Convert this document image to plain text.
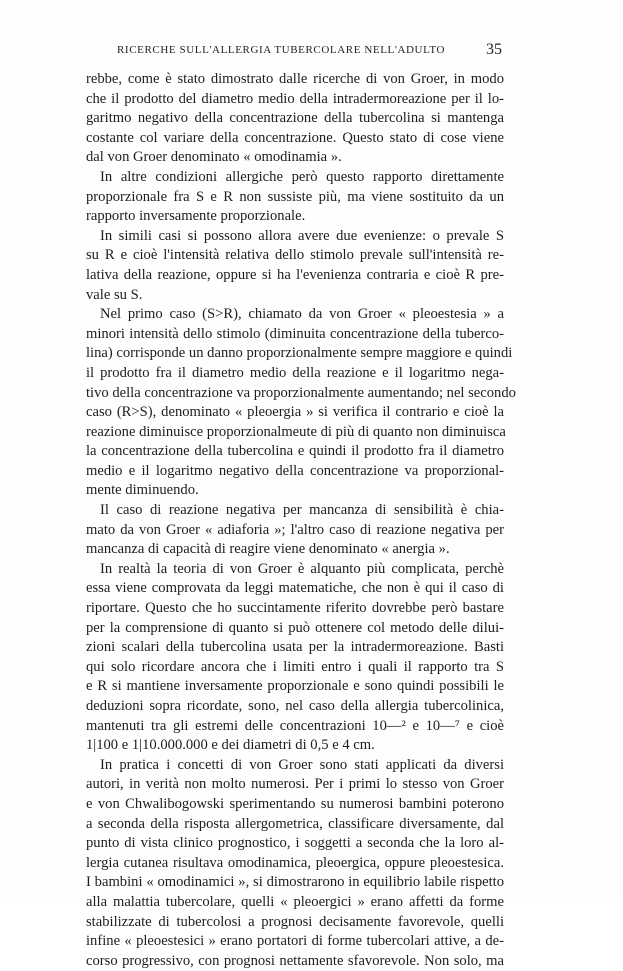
RICERCHE SULL'ALLERGIA TUBERCOLARE NELL'ADULTO	35
rebbe, come è stato dimostrato dalle ricerche di von Groer, in modo
che il prodotto del diametro medio della intradermoreazione per il lo-
garitmo negativo della concentrazione della tubercolina si mantenga
costante col variare della concentrazione. Questo stato di cose viene
dal von Groer denominato « omodinamia ».
In altre condizioni allergiche però questo rapporto direttamente
proporzionale fra S e R non sussiste più, ma viene sostituito da un
rapporto inversamente proporzionale.
In simili casi si possono allora avere due evenienze: o prevale S
su R e cioè l'intensità relativa dello stimolo prevale sull'intensità re-
lativa della reazione, oppure si ha l'evenienza contraria e cioè R pre-
vale su S.
Nel primo caso (S>R), chiamato da von Groer « pleoestesia » a
minori intensità dello stimolo (diminuita concentrazione della tuberco-
lina) corrisponde un danno proporzionalmente sempre maggiore e quindi
il prodotto fra il diametro medio della reazione e il logaritmo nega-
tivo della concentrazione va proporzionalmente aumentando; nel secondo
caso (R>S), denominato « pleoergia » si verifica il contrario e cioè la
reazione diminuisce proporzionalmeute di più di quanto non diminuisca
la concentrazione della tubercolina e quindi il prodotto fra il diametro
medio e il logaritmo negativo della concentrazione va proporzional-
mente diminuendo.
Il caso di reazione negativa per mancanza di sensibilità è chia-
mato da von Groer « adiaforia »; l'altro caso di reazione negativa per
mancanza di capacità di reagire viene denominato « anergia ».
In realtà la teoria di von Groer è alquanto più complicata, perchè
essa viene comprovata da leggi matematiche, che non è qui il caso di
riportare. Questo che ho succintamente riferito dovrebbe però bastare
per la comprensione di quanto si può ottenere col metodo delle dilui-
zioni scalari della tubercolina usata per la intradermoreazione. Basti
qui solo ricordare ancora che i limiti entro i quali il rapporto tra S
e R si mantiene inversamente proporzionale e sono quindi possibili le
deduzioni sopra ricordate, sono, nel caso della allergia tubercolinica,
mantenuti tra gli estremi delle concentrazioni 10—² e 10—⁷ e cioè
1|100 e 1|10.000.000 e dei diametri di 0,5 e 4 cm.
In pratica i concetti di von Groer sono stati applicati da diversi
autori, in verità non molto numerosi. Per i primi lo stesso von Groer
e von Chwalibogowski sperimentando su numerosi bambini poterono
a seconda della risposta allergometrica, classificare diversamente, dal
punto di vista clinico prognostico, i soggetti a seconda che la loro al-
lergia cutanea risultava omodinamica, pleoergica, oppure pleoestesica.
I bambini « omodinamici », si dimostrarono in equilibrio labile rispetto
alla malattia tubercolare, quelli « pleoergici » erano affetti da forme
stabilizzate di tubercolosi a prognosi decisamente favorevole, quelli
infine « pleoestesici » erano portatori di forme tubercolari attive, a de-
corso progressivo, con prognosi nettamente sfavorevole. Non solo, ma
